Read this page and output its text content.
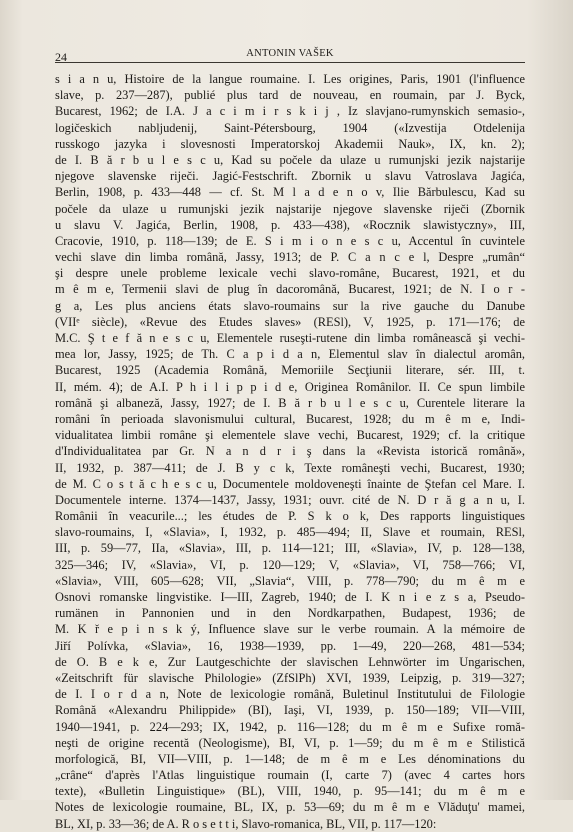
24	ANTONIN VAŠEK
s i a n u, Histoire de la langue roumaine. I. Les origines, Paris, 1901 (l'influence
slave, p. 237—287), publié plus tard de nouveau, en roumain, par J. Byck,
Bucarest, 1962; de I.A. J a c i m i r s k i j , Iz slavjano-rumynskich semasio-,
logičeskich nabljudenij, Saint-Pétersbourg, 1904 («Izvestija Otdelenija
russkogo jazyka i slovesnosti Imperatorskoj Akademii Nauk», IX, kn. 2);
de I. B ă r b u l e s c u, Kad su počele da ulaze u rumunjski jezik najstarije
njegove slavenske riječi. Jagić-Festschrift. Zbornik u slavu Vatroslava Jagića,
Berlin, 1908, p. 433—448 — cf. St. M l a d e n o v, Ilie Bărbulescu, Kad su
počele da ulaze u rumunjski jezik najstarije njegove slavenske riječi (Zbornik
u slavu V. Jagića, Berlin, 1908, p. 433—438), «Rocznik slawistyczny», III,
Cracovie, 1910, p. 118—139; de E. S i m i o n e s c u, Accentul în cuvintele
vechi slave din limba română, Jassy, 1913; de P. C a n c e l, Despre „rumân“
şi despre unele probleme lexicale vechi slavo-române, Bucarest, 1921, et du
m ê m e, Termenii slavi de plug în dacoromână, Bucarest, 1921; de N. I o r -
g a, Les plus anciens états slavo-roumains sur la rive gauche du Danube
(VIIᵉ siècle), «Revue des Etudes slaves» (RESl), V, 1925, p. 171—176; de
M.C. Ş t e f ă n e s c u, Elementele ruseşti-rutene din limba românească şi vechi-
mea lor, Jassy, 1925; de Th. C a p i d a n, Elementul slav în dialectul aromân,
Bucarest, 1925 (Academia Română, Memoriile Secţiunii literare, sér. III, t.
II, mém. 4); de A.I. P h i l i p p i d e, Originea Românilor. II. Ce spun limbile
română şi albaneză, Jassy, 1927; de I. B ă r b u l e s c u, Curentele literare la
români în perioada slavonismului cultural, Bucarest, 1928; du m ê m e, Indi-
vidualitatea limbii române şi elementele slave vechi, Bucarest, 1929; cf. la critique
d'Individualitatea par Gr. N a n d r i ş dans la «Revista istorică română»,
II, 1932, p. 387—411; de J. B y c k, Texte româneşti vechi, Bucarest, 1930;
de M. C o s t ă c h e s c u, Documentele moldoveneşti înainte de Ştefan cel Mare. I.
Documentele interne. 1374—1437, Jassy, 1931; ouvr. cité de N. D r ă g a n u, I.
Românii în veacurile...; les études de P. S k o k, Des rapports linguistiques
slavo-roumains, I, «Slavia», I, 1932, p. 485—494; II, Slave et roumain, RESl,
III, p. 59—77, IIa, «Slavia», III, p. 114—121; III, «Slavia», IV, p. 128—138,
325—346; IV, «Slavia», VI, p. 120—129; V, «Slavia», VI, 758—766; VI,
«Slavia», VIII, 605—628; VII, „Slavia“, VIII, p. 778—790; du m ê m e
Osnovi romanske lingvistike. I—III, Zagreb, 1940; de I. K n i e z s a, Pseudo-
rumänen in Pannonien und in den Nordkarpathen, Budapest, 1936; de
M. K ř e p i n s k ý, Influence slave sur le verbe roumain. A la mémoire de
Jiří Polívka, «Slavia», 16, 1938—1939, pp. 1—49, 220—268, 481—534;
de O. B e k e, Zur Lautgeschichte der slavischen Lehnwörter im Ungarischen,
«Zeitschrift für slavische Philologie» (ZfSlPh) XVI, 1939, Leipzig, p. 319—327;
de I. I o r d a n, Note de lexicologie română, Buletinul Institutului de Filologie
Română «Alexandru Philippide» (BI), Iaşi, VI, 1939, p. 150—189; VII—VIII,
1940—1941, p. 224—293; IX, 1942, p. 116—128; du m ê m e Sufixe romă-
neşti de origine recentă (Neologisme), BI, VI, p. 1—59; du m ê m e Stilistică
morfologică, BI, VII—VIII, p. 1—148; de m ê m e Les dénominations du
„crâne“ d'après l'Atlas linguistique roumain (I, carte 7) (avec 4 cartes hors
texte), «Bulletin Linguistique» (BL), VIII, 1940, p. 95—141; du m ê m e
Notes de lexicologie roumaine, BL, IX, p. 53—69; du m ê m e Vlăduţu' mamei,
BL, XI, p. 33—36; de A. R o s e t t i, Slavo-romanica, BL, VII, p. 117—120:
